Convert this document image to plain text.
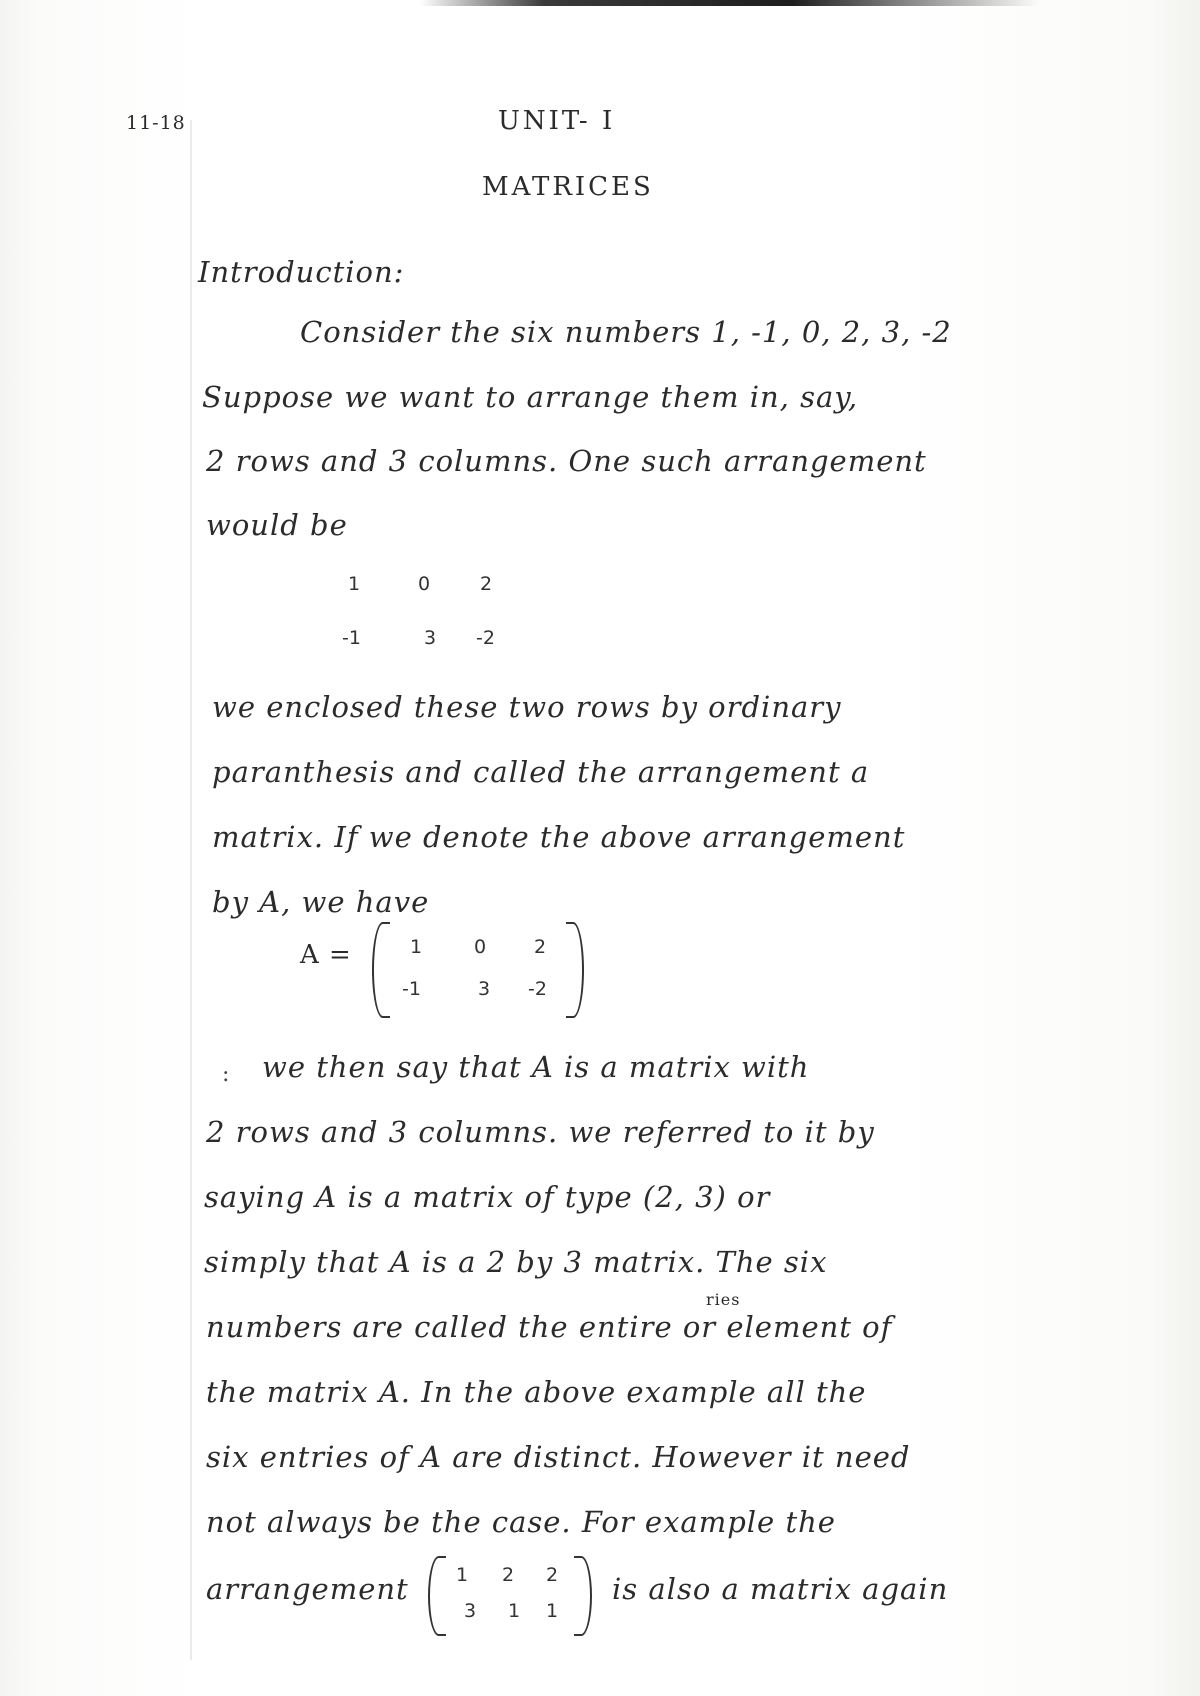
11-18	UNIT- I
MATRICES
Introduction:
Consider the six numbers 1, -1, 0, 2, 3, -2
Suppose we want to arrange them in, say,
2 rows and 3 columns. One such arrangement
would be
1	0	2
-1	3 -2
we enclosed these two rows by ordinary
paranthesis and called the arrangement a
matrix. If we denote the above arrangement
by A, we have
A =	1	0	2
-1	3 -2
: we then say that A is a matrix with
2 rows and 3 columns. we referred to it by
saying A is a matrix of type (2, 3) or
simply that A is a 2 by 3 matrix. The six
ries
numbers are called the entire or element of
the matrix A. In the above example all the
six entries of A are distinct. However it need
not always be the case. For example the
arrangement 1 2 2
3 1 1
is also a matrix again
